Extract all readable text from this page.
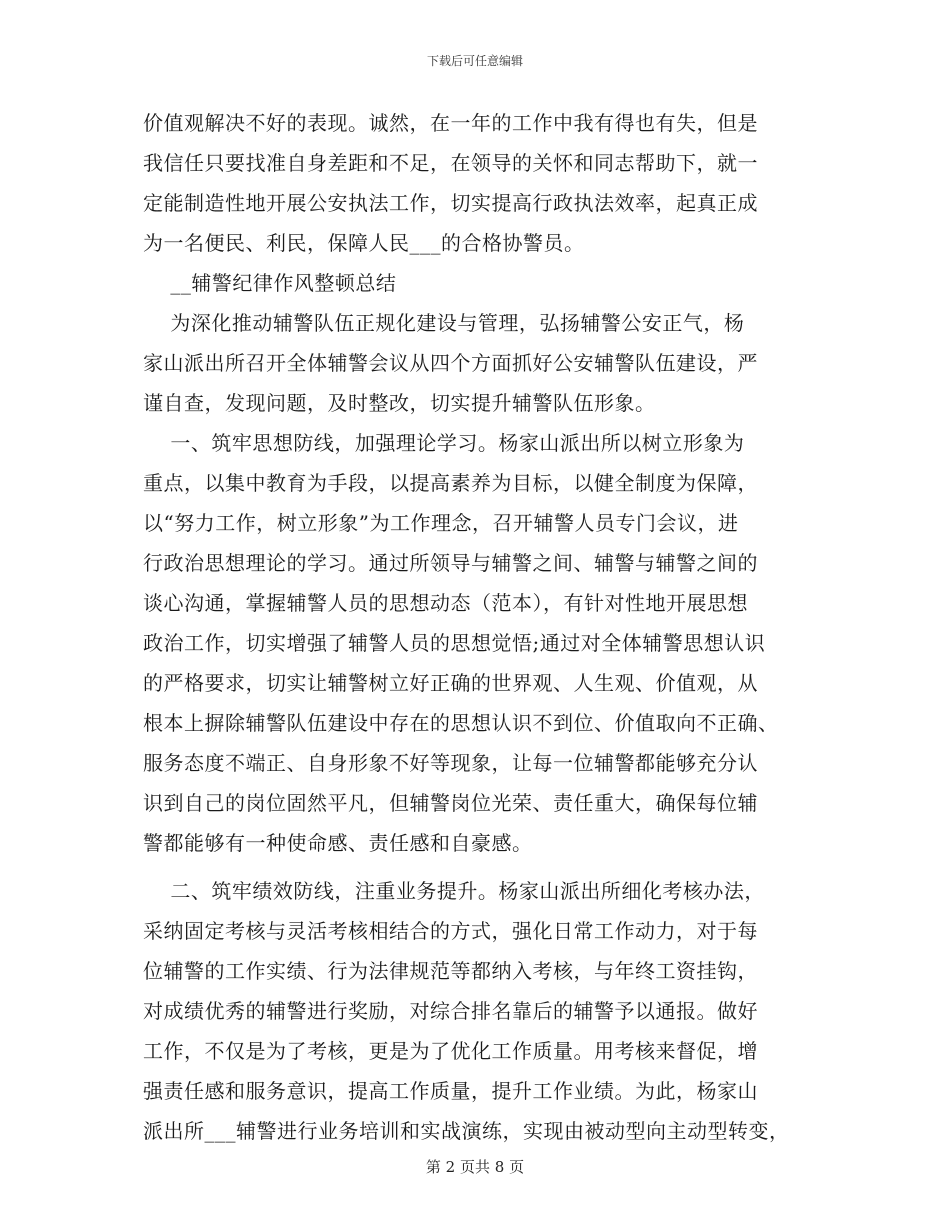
下载后可任意编辑
价值观解决不好的表现。诚然，在一年的工作中我有得也有失，但是
我信任只要找准自身差距和不足，在领导的关怀和同志帮助下，就一
定能制造性地开展公安执法工作，切实提高行政执法效率，起真正成
为一名便民、利民，保障人民___的合格协警员。
__辅警纪律作风整顿总结
为深化推动辅警队伍正规化建设与管理，弘扬辅警公安正气，杨
家山派出所召开全体辅警会议从四个方面抓好公安辅警队伍建设，严
谨自查，发现问题，及时整改，切实提升辅警队伍形象。
一、筑牢思想防线，加强理论学习。杨家山派出所以树立形象为
重点，以集中教育为手段，以提高素养为目标，以健全制度为保障，
以“努力工作，树立形象”为工作理念，召开辅警人员专门会议，进
行政治思想理论的学习。通过所领导与辅警之间、辅警与辅警之间的
谈心沟通，掌握辅警人员的思想动态（范本），有针对性地开展思想
政治工作，切实增强了辅警人员的思想觉悟;通过对全体辅警思想认识
的严格要求，切实让辅警树立好正确的世界观、人生观、价值观，从
根本上摒除辅警队伍建设中存在的思想认识不到位、价值取向不正确、
服务态度不端正、自身形象不好等现象，让每一位辅警都能够充分认
识到自己的岗位固然平凡，但辅警岗位光荣、责任重大，确保每位辅
警都能够有一种使命感、责任感和自豪感。
二、筑牢绩效防线，注重业务提升。杨家山派出所细化考核办法，
采纳固定考核与灵活考核相结合的方式，强化日常工作动力，对于每
位辅警的工作实绩、行为法律规范等都纳入考核，与年终工资挂钩，
对成绩优秀的辅警进行奖励，对综合排名靠后的辅警予以通报。做好
工作，不仅是为了考核，更是为了优化工作质量。用考核来督促，增
强责任感和服务意识，提高工作质量，提升工作业绩。为此，杨家山
派出所___辅警进行业务培训和实战演练，实现由被动型向主动型转变，
第 2 页共 8 页
